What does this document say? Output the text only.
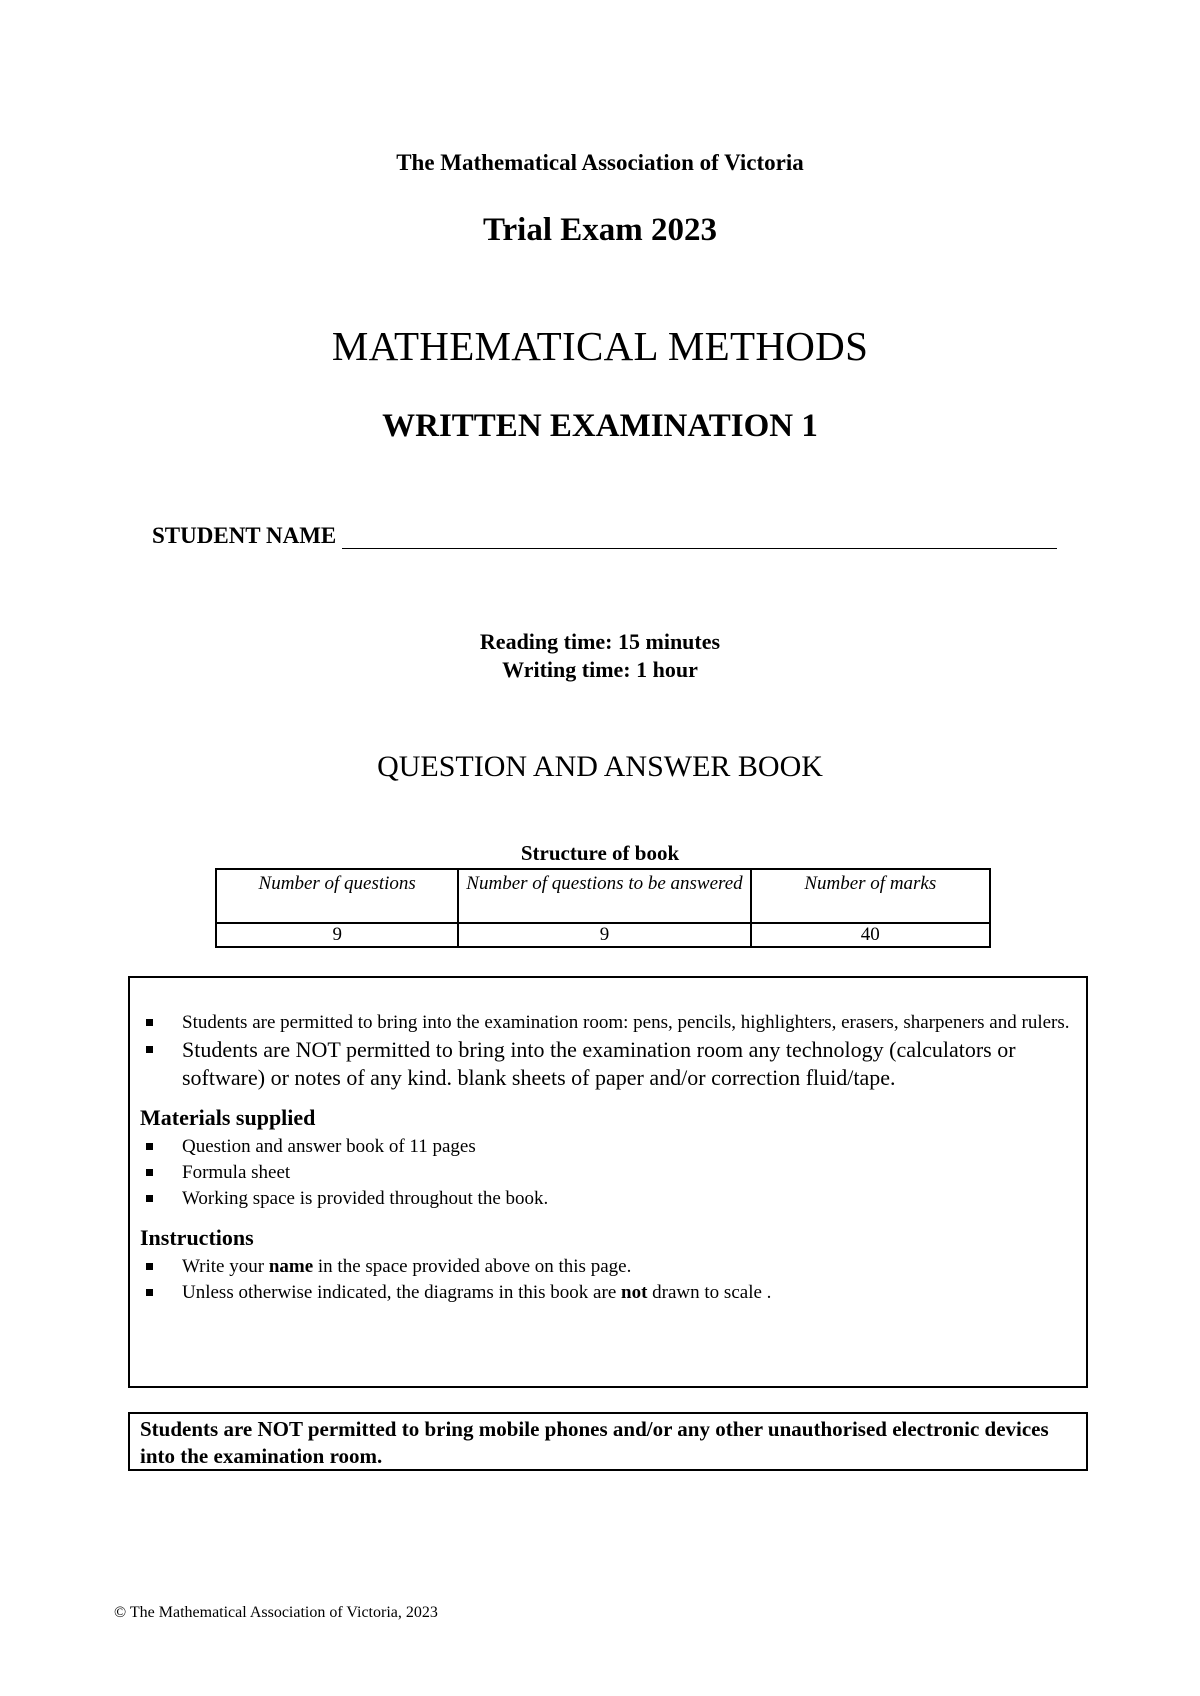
The Mathematical Association of Victoria
Trial Exam 2023
MATHEMATICAL METHODS
WRITTEN EXAMINATION 1
STUDENT NAME
Reading time: 15 minutes
Writing time: 1 hour
QUESTION AND ANSWER BOOK
Structure of book
Number of questions	Number of questions to be answered	Number of marks
9	9	40
Students are permitted to bring into the examination room: pens, pencils, highlighters, erasers, sharpeners and rulers.
Students are NOT permitted to bring into the examination room any technology (calculators or software) or notes of any kind. blank sheets of paper and/or correction fluid/tape.
Materials supplied
Question and answer book of 11 pages
Formula sheet
Working space is provided throughout the book.
Instructions
Write your name in the space provided above on this page.
Unless otherwise indicated, the diagrams in this book are not drawn to scale .
Students are NOT permitted to bring mobile phones and/or any other unauthorised electronic devices into the examination room.
© The Mathematical Association of Victoria, 2023
